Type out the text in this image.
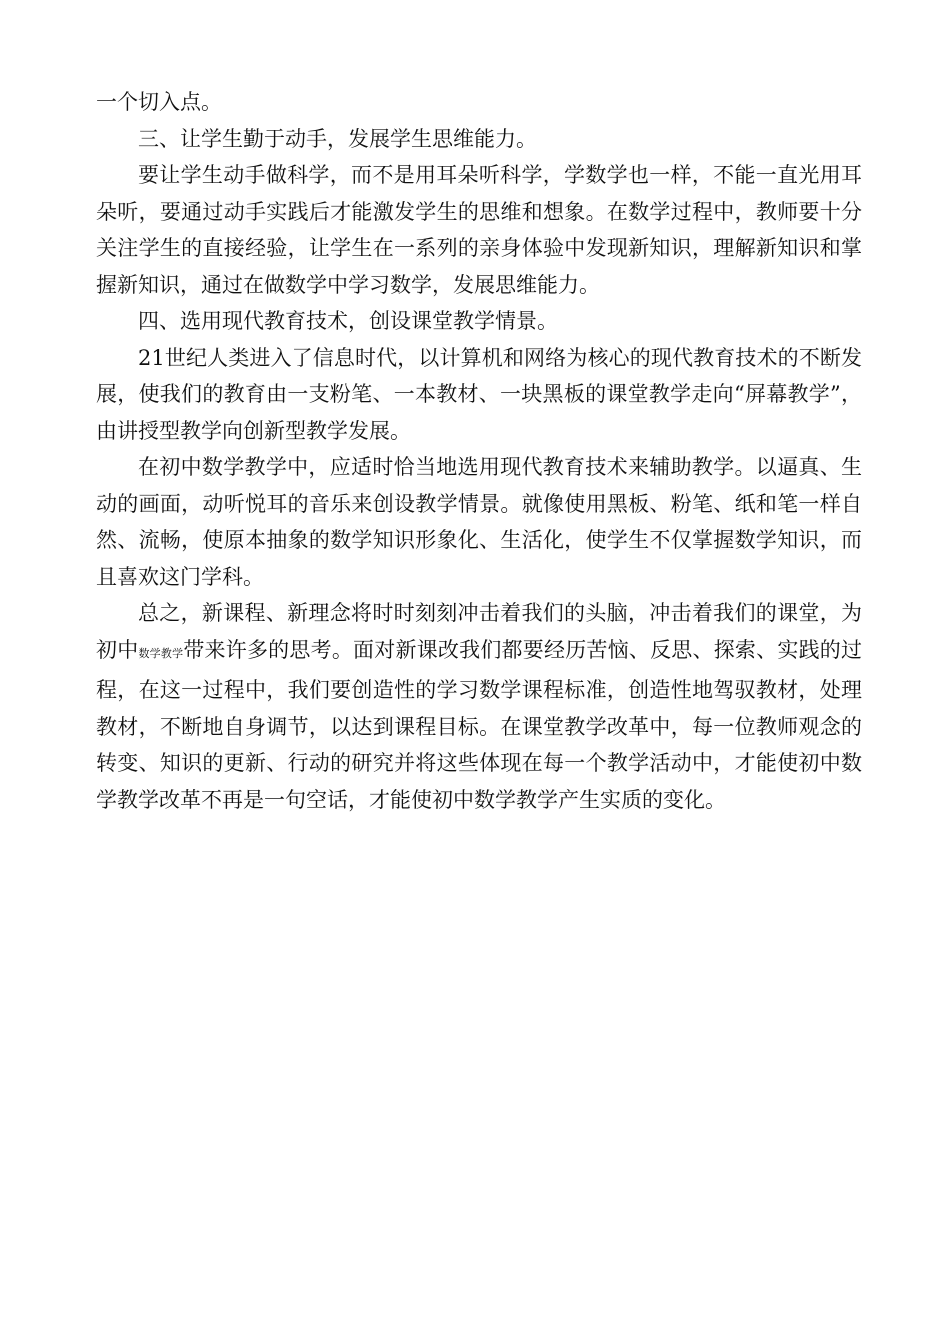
一个切入点。

三、让学生勤于动手，发展学生思维能力。

要让学生动手做科学，而不是用耳朵听科学，学数学也一样，不能一直光用耳朵听，要通过动手实践后才能激发学生的思维和想象。在数学过程中，教师要十分关注学生的直接经验，让学生在一系列的亲身体验中发现新知识，理解新知识和掌握新知识，通过在做数学中学习数学，发展思维能力。

四、选用现代教育技术，创设课堂教学情景。

21世纪人类进入了信息时代，以计算机和网络为核心的现代教育技术的不断发展，使我们的教育由一支粉笔、一本教材、一块黑板的课堂教学走向“屏幕教学”，由讲授型教学向创新型教学发展。

在初中数学教学中，应适时恰当地选用现代教育技术来辅助教学。以逼真、生动的画面，动听悦耳的音乐来创设教学情景。就像使用黑板、粉笔、纸和笔一样自然、流畅，使原本抽象的数学知识形象化、生活化，使学生不仅掌握数学知识，而且喜欢这门学科。

总之，新课程、新理念将时时刻刻冲击着我们的头脑，冲击着我们的课堂，为初中数学教学带来许多的思考。面对新课改我们都要经历苦恼、反思、探索、实践的过程，在这一过程中，我们要创造性的学习数学课程标准，创造性地驾驭教材，处理教材，不断地自身调节，以达到课程目标。在课堂教学改革中，每一位教师观念的转变、知识的更新、行动的研究并将这些体现在每一个教学活动中，才能使初中数学教学改革不再是一句空话，才能使初中数学教学产生实质的变化。
